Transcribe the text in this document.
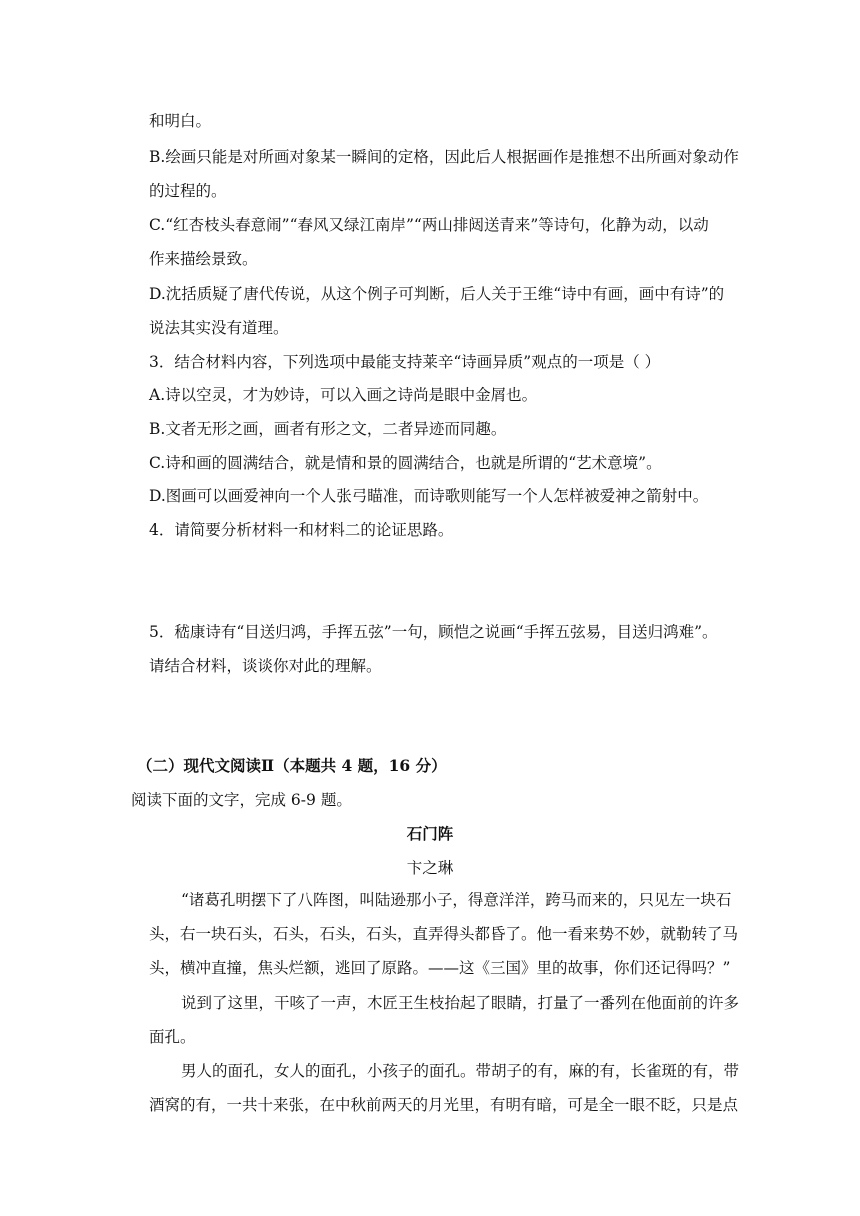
和明白。
B.绘画只能是对所画对象某一瞬间的定格，因此后人根据画作是推想不出所画对象动作
的过程的。
C.“红杏枝头春意闹”“春风又绿江南岸”“两山排闼送青来”等诗句，化静为动，以动
作来描绘景致。
D.沈括质疑了唐代传说，从这个例子可判断，后人关于王维“诗中有画，画中有诗”的
说法其实没有道理。
3．结合材料内容，下列选项中最能支持莱辛“诗画异质”观点的一项是（ ）
A.诗以空灵，才为妙诗，可以入画之诗尚是眼中金屑也。
B.文者无形之画，画者有形之文，二者异迹而同趣。
C.诗和画的圆满结合，就是情和景的圆满结合，也就是所谓的“艺术意境”。
D.图画可以画爱神向一个人张弓瞄准，而诗歌则能写一个人怎样被爱神之箭射中。
4．请简要分析材料一和材料二的论证思路。
5．嵇康诗有“目送归鸿，手挥五弦”一句，顾恺之说画“手挥五弦易，目送归鸿难”。
请结合材料，谈谈你对此的理解。
（二）现代文阅读Ⅱ（本题共 4 题，16 分）
阅读下面的文字，完成 6-9 题。
石门阵
卞之琳
“诸葛孔明摆下了八阵图，叫陆逊那小子，得意洋洋，跨马而来的，只见左一块石
头，右一块石头，石头，石头，石头，直弄得头都昏了。他一看来势不妙，就勒转了马
头，横冲直撞，焦头烂额，逃回了原路。——这《三国》里的故事，你们还记得吗？”
说到了这里，干咳了一声，木匠王生枝抬起了眼睛，打量了一番列在他面前的许多
面孔。
男人的面孔，女人的面孔，小孩子的面孔。带胡子的有，麻的有，长雀斑的有，带
酒窝的有，一共十来张，在中秋前两天的月光里，有明有暗，可是全一眼不眨，只是点
